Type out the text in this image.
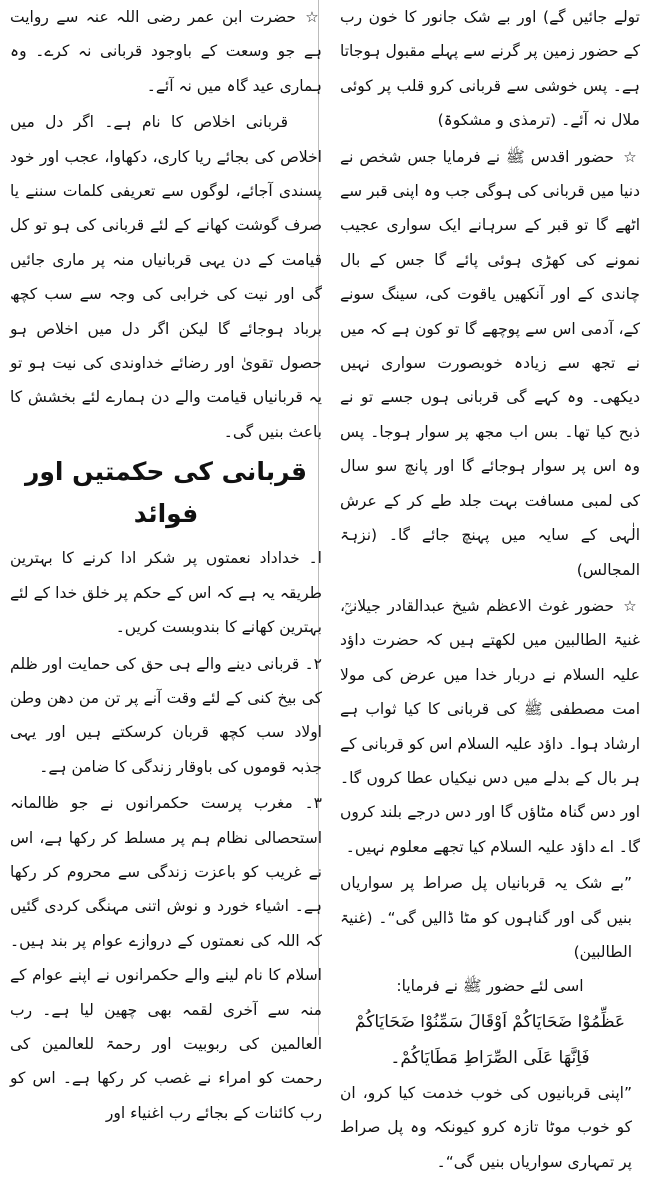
تولے جائیں گے) اور بے شک جانور کا خون رب کے حضور زمین پر گرنے سے پہلے مقبول ہوجاتا ہے۔ پس خوشی سے قربانی کرو قلب پر کوئی ملال نہ آئے۔ (ترمذی و مشکوۃ)

☆حضور اقدس ﷺ نے فرمایا جس شخص نے دنیا میں قربانی کی ہوگی جب وہ اپنی قبر سے اٹھے گا تو قبر کے سرہانے ایک سواری عجیب نمونے کی کھڑی ہوئی پائے گا جس کے بال چاندی کے اور آنکھیں یاقوت کی، سینگ سونے کے، آدمی اس سے پوچھے گا تو کون ہے کہ میں نے تجھ سے زیادہ خوبصورت سواری نہیں دیکھی۔ وہ کہے گی قربانی ہوں جسے تو نے ذبح کیا تھا۔ بس اب مجھ پر سوار ہوجا۔ پس وہ اس پر سوار ہوجائے گا اور پانچ سو سال کی لمبی مسافت بہت جلد طے کر کے عرش الٰہی کے سایہ میں پہنچ جائے گا۔ (نزہۃ المجالس)

☆حضور غوث الاعظم شیخ عبدالقادر جیلانیؒ، غنیۃ الطالبین میں لکھتے ہیں کہ حضرت داؤد علیہ السلام نے دربار خدا میں عرض کی مولا امت مصطفی ﷺ کی قربانی کا کیا ثواب ہے ارشاد ہوا۔ داؤد علیہ السلام اس کو قربانی کے ہر بال کے بدلے میں دس نیکیاں عطا کروں گا۔ اور دس گناہ مٹاؤں گا اور دس درجے بلند کروں گا۔ اے داؤد علیہ السلام کیا تجھے معلوم نہیں۔

”بے شک یہ قربانیاں پل صراط پر سواریاں بنیں گی اور گناہوں کو مٹا ڈالیں گی“۔ (غنیۃ الطالبین)

اسی لئے حضور ﷺ نے فرمایا:

عَظِّمُوْا ضَحَايَاكُمْ اَوْقَالَ سَمِّنُوْا ضَحَايَاكُمْ

فَاِنَّهَا عَلَى الصِّرَاطِ مَطَايَاكُمْ۔

”اپنی قربانیوں کی خوب خدمت کیا کرو، ان کو خوب موٹا تازہ کرو کیونکہ وہ پل صراط پر تمہاری سواریاں بنیں گی“۔

☆حضرت ابن عمر رضی اللہ عنہ سے روایت ہے جو وسعت کے باوجود قربانی نہ کرے۔ وہ ہماری عید گاہ میں نہ آئے۔

قربانی اخلاص کا نام ہے۔ اگر دل میں اخلاص کی بجائے ریا کاری، دکھاوا، عجب اور خود پسندی آجائے، لوگوں سے تعریفی کلمات سننے یا صرف گوشت کھانے کے لئے قربانی کی ہو تو کل قیامت کے دن یہی قربانیاں منہ پر ماری جائیں گی اور نیت کی خرابی کی وجہ سے سب کچھ برباد ہوجائے گا لیکن اگر دل میں اخلاص ہو حصول تقویٰ اور رضائے خداوندی کی نیت ہو تو یہ قربانیاں قیامت والے دن ہمارے لئے بخشش کا باعث بنیں گی۔

قربانی کی حکمتیں اور فوائد

ا۔ خداداد نعمتوں پر شکر ادا کرنے کا بہترین طریقہ یہ ہے کہ اس کے حکم پر خلق خدا کے لئے بہترین کھانے کا بندوبست کریں۔

۲۔ قربانی دینے والے ہی حق کی حمایت اور ظلم کی بیخ کنی کے لئے وقت آنے پر تن من دھن وطن اولاد سب کچھ قربان کرسکتے ہیں اور یہی جذبہ قوموں کی باوقار زندگی کا ضامن ہے۔

۳۔ مغرب پرست حکمرانوں نے جو ظالمانہ استحصالی نظام ہم پر مسلط کر رکھا ہے، اس نے غریب کو باعزت زندگی سے محروم کر رکھا ہے۔ اشیاء خورد و نوش اتنی مہنگی کردی گئیں کہ اللہ کی نعمتوں کے دروازے عوام پر بند ہیں۔ اسلام کا نام لینے والے حکمرانوں نے اپنے عوام کے منہ سے آخری لقمہ بھی چھین لیا ہے۔ رب العالمین کی ربوبیت اور رحمۃ للعالمین کی رحمت کو امراء نے غصب کر رکھا ہے۔ اس کو رب کائنات کے بجائے رب اغنیاء اور
